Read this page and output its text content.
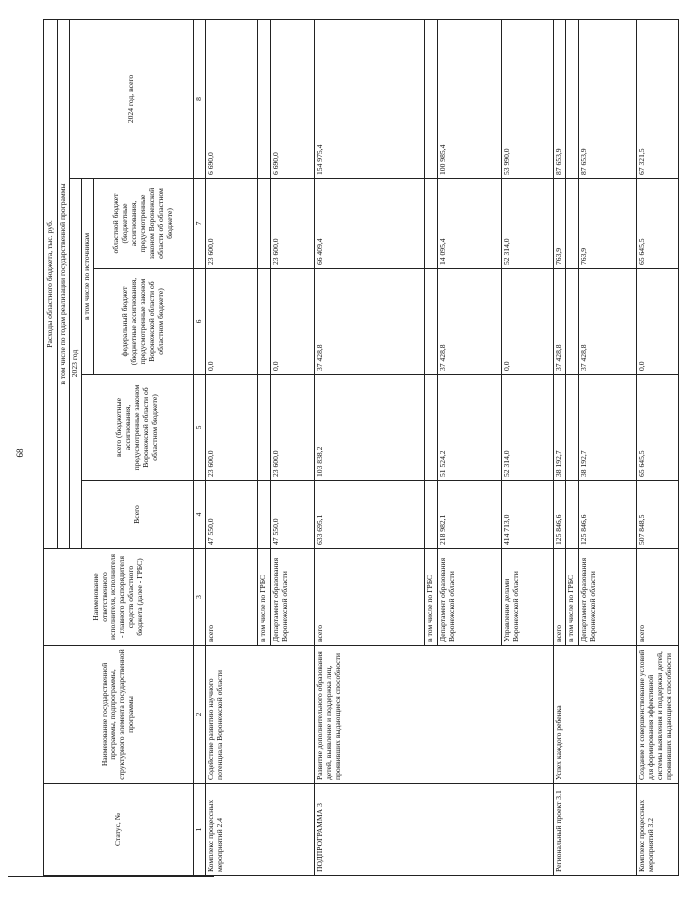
68
Статус, №	Наименование государственной программы, подпрограммы, структурного элемента государственной программы	Наименование ответственного исполнителя, исполнителя - главного распорядителя средств областного бюджета (далее - ГРБС)	Расходы областного бюджета, тыс. руб.				
			в том числе по годам реализации государственной программы				
			2023 год				2024 год, всего
			Всего	всего (бюджетные ассигнования, предусмотренные законом Воронежской области об областном бюджете)	в том числе по источникам		
					федеральный бюджет (бюджетные ассигнования, предусмотренные законом Воронежской области об областном бюджете)	областной бюджет (бюджетные ассигнования, предусмотренные законом Воронежской области об областном бюджете)	
1	2	3	4	5	6	7	8
Комплекс процессных мероприятий 2.4	Содействие развитию научного потенциала Воронежской области	всего	47 550,0	23 600,0	0,0	23 600,0	6 690,0
		в том числе по ГРБС					
		Департамент образования Воронежской области	47 550,0	23 600,0	0,0	23 600,0	6 690,0
ПОДПРОГРАММА 3	Развитие дополнительного образования детей, выявление и поддержка лиц, проявивших выдающиеся способности	всего	633 695,1	103 838,2	37 428,8	66 409,4	154 975,4
		в том числе по ГРБС					
		Департамент образования Воронежской области	218 982,1	51 524,2	37 428,8	14 095,4	100 985,4
		Управление делами Воронежской области	414 713,0	52 314,0	0,0	52 314,0	53 990,0
Региональный проект 3.1	Успех каждого ребенка	всего	125 846,6	38 192,7	37 428,8	763,9	87 653,9
		в том числе по ГРБС					
		Департамент образования Воронежской области	125 846,6	38 192,7	37 428,8	763,9	87 653,9
Комплекс процессных мероприятий 3.2	Создание и совершенствование условий для формирования эффективной системы выявления и поддержки детей, проявивших выдающиеся способности	всего	507 848,5	65 645,5	0,0	65 645,5	67 321,5
